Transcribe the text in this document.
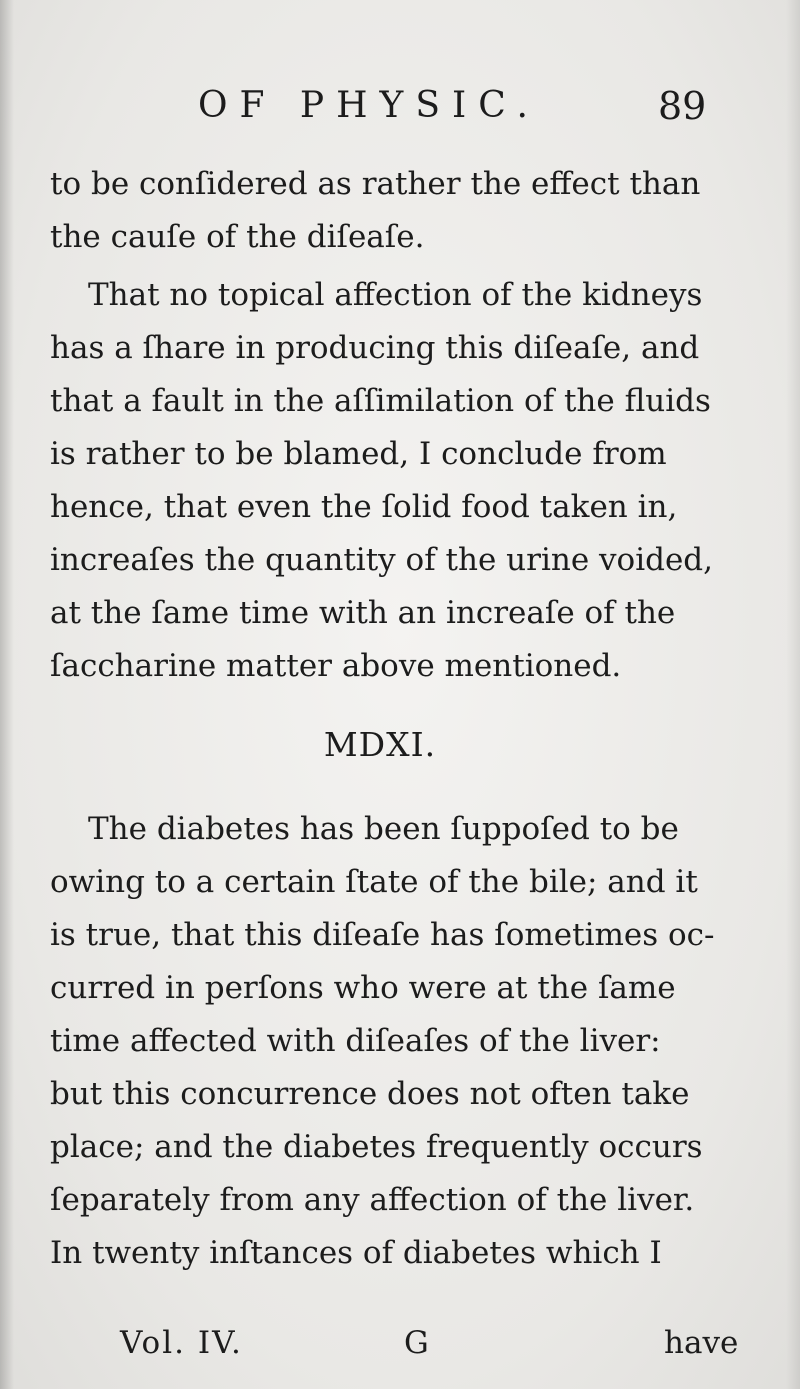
OF PHYSIC.	89
to be conſidered as rather the effect than
the cauſe of the diſeaſe.
That no topical affection of the kidneys
has a ſhare in producing this diſeaſe, and
that a fault in the aſſimilation of the fluids
is rather to be blamed, I conclude from
hence, that even the ſolid food taken in,
increaſes the quantity of the urine voided,
at the ſame time with an increaſe of the
ſaccharine matter above mentioned.
MDXI.
The diabetes has been ſuppoſed to be
owing to a certain ſtate of the bile; and it
is true, that this diſeaſe has ſometimes oc-
curred in perſons who were at the ſame
time affected with diſeaſes of the liver:
but this concurrence does not often take
place; and the diabetes frequently occurs
ſeparately from any affection of the liver.
In twenty inſtances of diabetes which I
Vol. IV.	G	have
